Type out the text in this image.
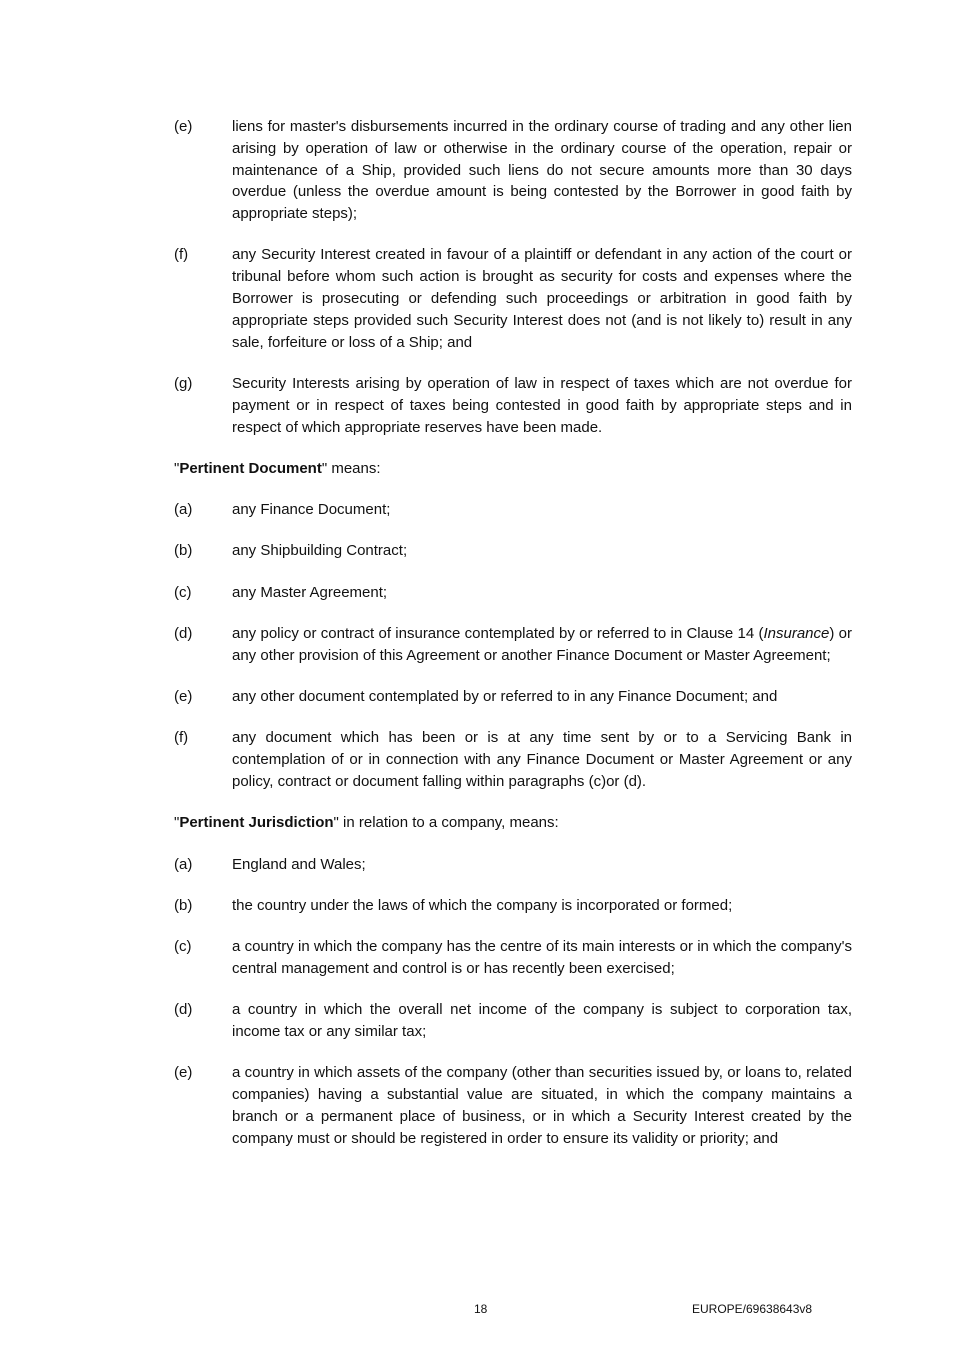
(e)	liens for master's disbursements incurred in the ordinary course of trading and any other lien arising by operation of law or otherwise in the ordinary course of the operation, repair or maintenance of a Ship, provided such liens do not secure amounts more than 30 days overdue (unless the overdue amount is being contested by the Borrower in good faith by appropriate steps);
(f)	any Security Interest created in favour of a plaintiff or defendant in any action of the court or tribunal before whom such action is brought as security for costs and expenses where the Borrower is prosecuting or defending such proceedings or arbitration in good faith by appropriate steps provided such Security Interest does not (and is not likely to) result in any sale, forfeiture or loss of a Ship; and
(g)	Security Interests arising by operation of law in respect of taxes which are not overdue for payment or in respect of taxes being contested in good faith by appropriate steps and in respect of which appropriate reserves have been made.
"Pertinent Document" means:
(a)	any Finance Document;
(b)	any Shipbuilding Contract;
(c)	any Master Agreement;
(d)	any policy or contract of insurance contemplated by or referred to in Clause 14 (Insurance) or any other provision of this Agreement or another Finance Document or Master Agreement;
(e)	any other document contemplated by or referred to in any Finance Document; and
(f)	any document which has been or is at any time sent by or to a Servicing Bank in contemplation of or in connection with any Finance Document or Master Agreement or any policy, contract or document falling within paragraphs (c)or (d).
"Pertinent Jurisdiction" in relation to a company, means:
(a)	England and Wales;
(b)	the country under the laws of which the company is incorporated or formed;
(c)	a country in which the company has the centre of its main interests or in which the company's central management and control is or has recently been exercised;
(d)	a country in which the overall net income of the company is subject to corporation tax, income tax or any similar tax;
(e)	a country in which assets of the company (other than securities issued by, or loans to, related companies) having a substantial value are situated, in which the company maintains a branch or a permanent place of business, or in which a Security Interest created by the company must or should be registered in order to ensure its validity or priority; and
18	EUROPE/69638643v8
